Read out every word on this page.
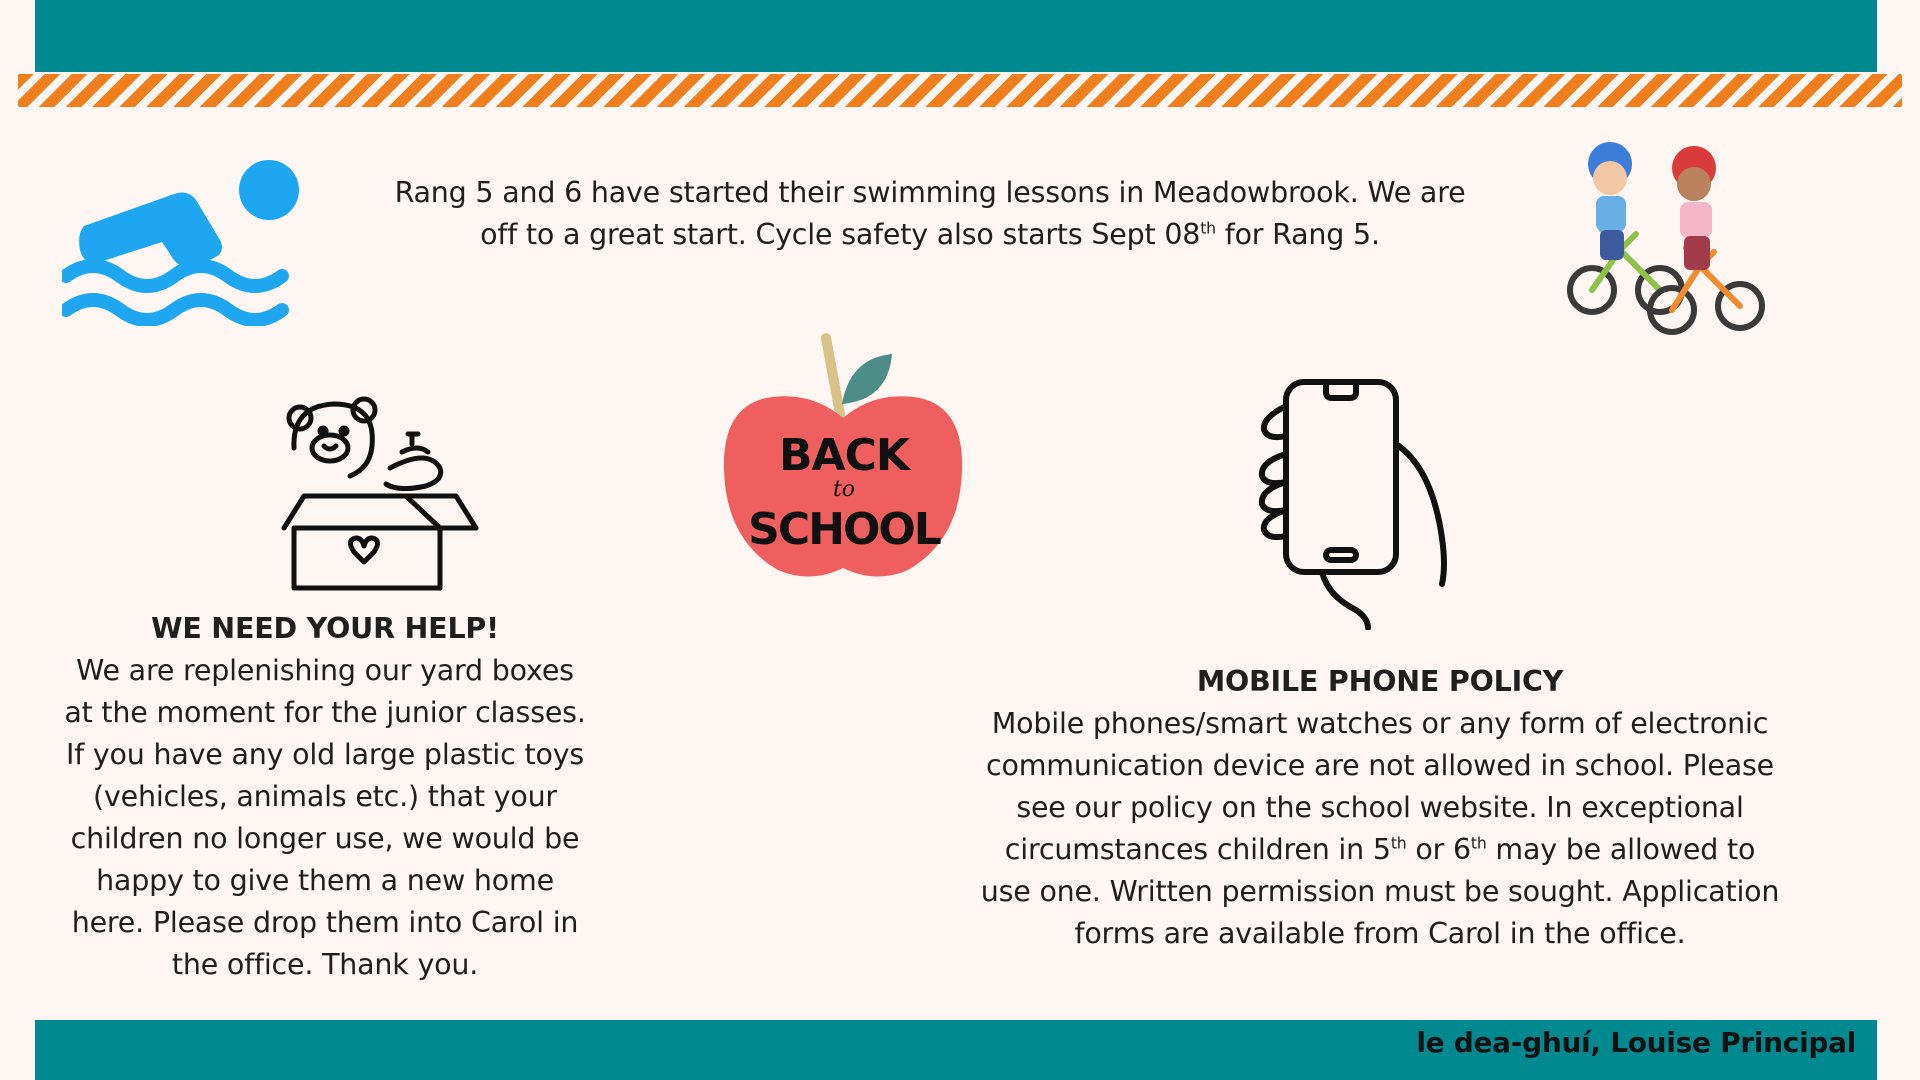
Rang 5 and 6 have started their swimming lessons in Meadowbrook. We are
off to a great start. Cycle safety also starts Sept 08th for Rang 5.
BACK
to
SCHOOL
WE NEED YOUR HELP!
We are replenishing our yard boxes
at the moment for the junior classes.
If you have any old large plastic toys
(vehicles, animals etc.) that your
children no longer use, we would be
happy to give them a new home
here. Please drop them into Carol in
the office. Thank you.
MOBILE PHONE POLICY
Mobile phones/smart watches or any form of electronic
communication device are not allowed in school. Please
see our policy on the school website. In exceptional
circumstances children in 5th or 6th may be allowed to
use one. Written permission must be sought. Application
forms are available from Carol in the office.
le dea-ghuí, Louise Principal
